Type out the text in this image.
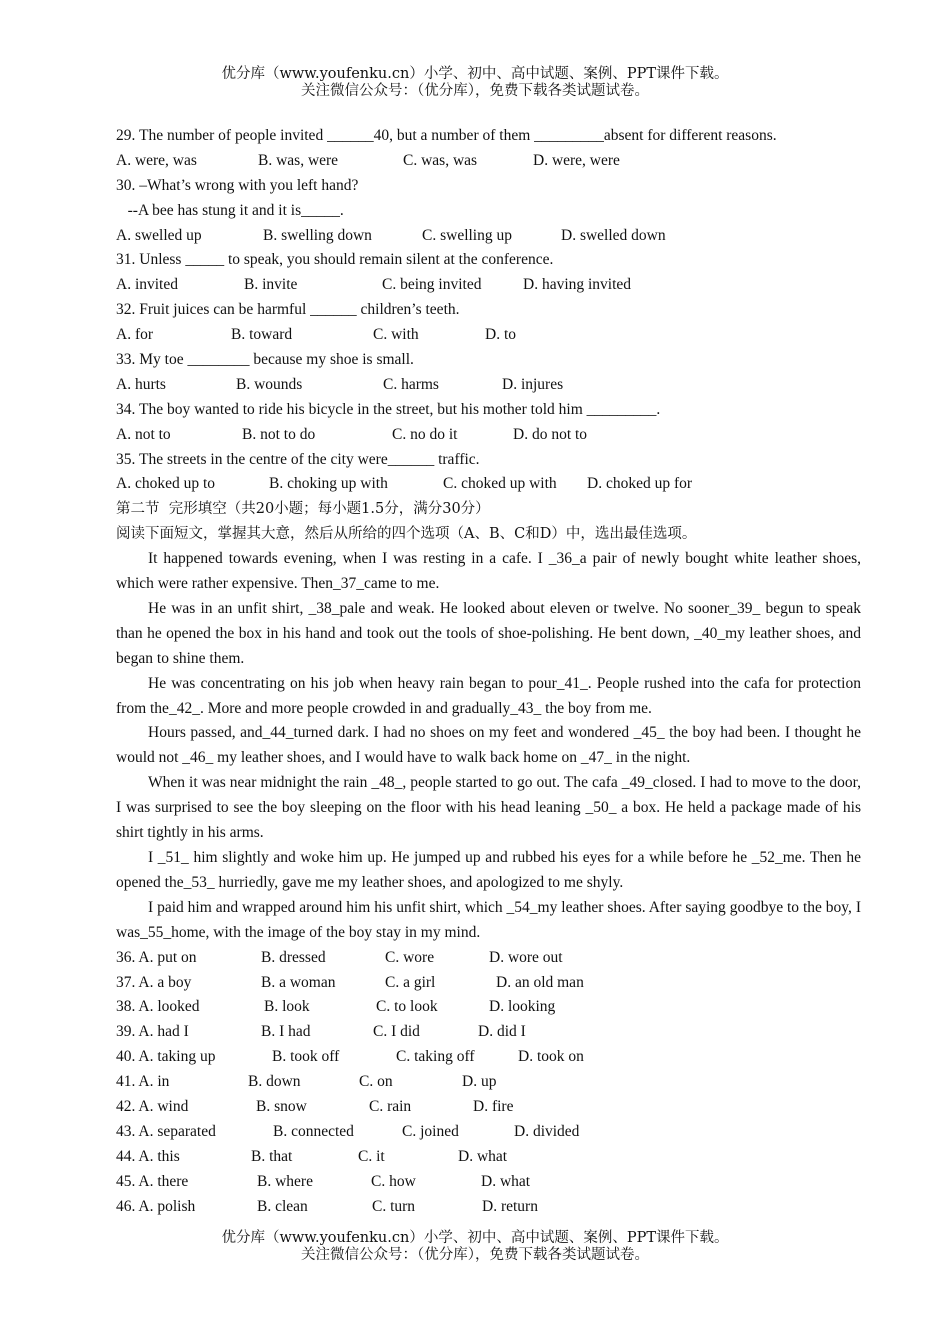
优分库（www.youfenku.cn）小学、初中、高中试题、案例、PPT课件下载。
关注微信公众号：（优分库），免费下载各类试题试卷。
29. The number of people invited ______40, but a number of them _________absent for different reasons.
A. were, was	B. was, were	C. was, was	D. were, were
30. –What’s wrong with you left hand?
--A bee has stung it and it is_____.
A. swelled up	B. swelling down	C. swelling up	D. swelled down
31. Unless _____ to speak, you should remain silent at the conference.
A. invited	B. invite	C. being invited	D. having invited
32. Fruit juices can be harmful ______ children’s teeth.
A. for	B. toward	C. with	D. to
33. My toe ________ because my shoe is small.
A. hurts	B. wounds	C. harms	D. injures
34. The boy wanted to ride his bicycle in the street, but his mother told him _________.
A. not to	B. not to do	C. no do it	D. do not to
35. The streets in the centre of the city were______ traffic.
A. choked up to	B. choking up with	C. choked up with	D. choked up for
第二节  完形填空（共20小题；每小题1.5分，满分30分）
阅读下面短文，掌握其大意，然后从所给的四个选项（A、B、C和D）中，选出最佳选项。

It happened towards evening, when I was resting in a cafe. I _36_a pair of newly bought white leather shoes, which were rather expensive. Then_37_came to me.

He was in an unfit shirt, _38_pale and weak. He looked about eleven or twelve. No sooner_39_ begun to speak than he opened the box in his hand and took out the tools of shoe-polishing. He bent down, _40_my leather shoes, and began to shine them.

He was concentrating on his job when heavy rain began to pour_41_. People rushed into the cafa for protection from the_42_. More and more people crowded in and gradually_43_ the boy from me.

Hours passed, and_44_turned dark. I had no shoes on my feet and wondered _45_ the boy had been. I thought he would not _46_ my leather shoes, and I would have to walk back home on _47_ in the night.

When it was near midnight the rain _48_, people started to go out. The cafa _49_closed. I had to move to the door, I was surprised to see the boy sleeping on the floor with his head leaning _50_ a box. He held a package made of his shirt tightly in his arms.

I _51_ him slightly and woke him up. He jumped up and rubbed his eyes for a while before he _52_me. Then he opened the_53_ hurriedly, gave me my leather shoes, and apologized to me shyly.

I paid him and wrapped around him his unfit shirt, which _54_my leather shoes. After saying goodbye to the boy, I was_55_home, with the image of the boy stay in my mind.

36. A. put on	B. dressed	C. wore	D. wore out
37. A. a boy	B. a woman	C. a girl	D. an old man
38. A. looked	B. look	C. to look	D. looking
39. A. had I	B. I had	C. I did	D. did I
40. A. taking up	B. took off	C. taking off	D. took on
41. A. in	B. down	C. on	D. up
42. A. wind	B. snow	C. rain	D. fire
43. A. separated	B. connected	C. joined	D. divided
44. A. this	B. that	C. it	D. what
45. A. there	B. where	C. how	D. what
46. A. polish	B. clean	C. turn	D. return
优分库（www.youfenku.cn）小学、初中、高中试题、案例、PPT课件下载。
关注微信公众号：（优分库），免费下载各类试题试卷。
